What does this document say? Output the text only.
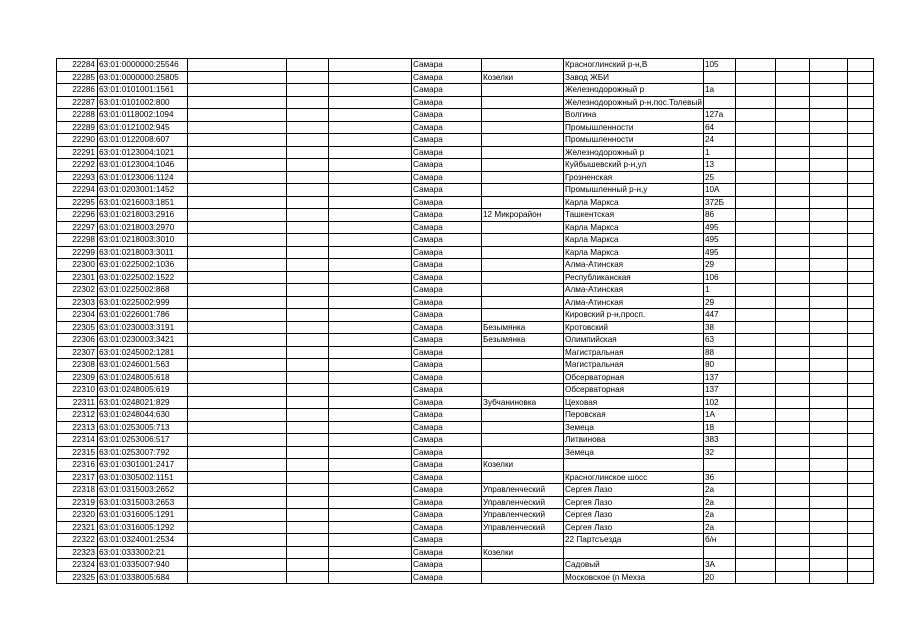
22284	63:01:0000000:25546				Самара		Красноглинский р-н,В	105				
22285	63:01:0000000:25805				Самара	Козелки	Завод ЖБИ					
22286	63:01:0101001:1561				Самара		Железнодорожный р	1а				
22287	63:01:0101002:800				Самара		Железнодорожный р-н,пос.Толевый					
22288	63:01:0118002:1094				Самара		Волгина	127а				
22289	63:01:0121002:945				Самара		Промышленности	64				
22290	63:01:0122008:607				Самара		Промышленности	24				
22291	63:01:0123004:1021				Самара		Железнодорожный р	1				
22292	63:01:0123004:1046				Самара		Куйбышевский р-н,ул	13				
22293	63:01:0123006:1124				Самара		Грозненская	25				
22294	63:01:0203001:1452				Самара		Промышленный р-н,у	10А				
22295	63:01:0216003:1851				Самара		Карла Маркса	372Б				
22296	63:01:0218003:2916				Самара	12 Микрорайон	Ташкентская	86				
22297	63:01:0218003:2970				Самара		Карла Маркса	495				
22298	63:01:0218003:3010				Самара		Карла Маркса	495				
22299	63:01:0218003:3011				Самара		Карла Маркса	495				
22300	63:01:0225002:1036				Самара		Алма-Атинская	29				
22301	63:01:0225002:1522				Самара		Республиканская	106				
22302	63:01:0225002:868				Самара		Алма-Атинская	1				
22303	63:01:0225002:999				Самара		Алма-Атинская	29				
22304	63:01:0226001:786				Самара		Кировский р-н,просп.	447				
22305	63:01:0230003:3191				Самара	Безымянка	Кротовский	38				
22306	63:01:0230003:3421				Самара	Безымянка	Олимпийская	63				
22307	63:01:0245002:1281				Самара		Магистральная	88				
22308	63:01:0246001:563				Самара		Магистральная	80				
22309	63:01:0248005:618				Самара		Обсерваторная	137				
22310	63:01:0248005:619				Самара		Обсерваторная	137				
22311	63:01:0248021:829				Самара	Зубчаниновка	Цеховая	102				
22312	63:01:0248044:630				Самара		Перовская	1А				
22313	63:01:0253005:713				Самара		Земеца	18				
22314	63:01:0253006:517				Самара		Литвинова	383				
22315	63:01:0253007:792				Самара		Земеца	32				
22316	63:01:0301001:2417				Самара	Козелки						
22317	63:01:0305002:1151				Самара		Красноглинское шосс	36				
22318	63:01:0315003:2652				Самара	Управленческий	Сергея Лазо	2а				
22319	63:01:0315003:2653				Самара	Управленческий	Сергея Лазо	2а				
22320	63:01:0316005:1291				Самара	Управленческий	Сергея Лазо	2а				
22321	63:01:0316005:1292				Самара	Управленческий	Сергея Лазо	2а				
22322	63:01:0324001:2534				Самара		22 Партсъезда	б/н				
22323	63:01:0333002:21				Самара	Козелки						
22324	63:01:0335007:940				Самара		Садовый	3А				
22325	63:01:0338005:684				Самара		Московское (п Мехза	20				
